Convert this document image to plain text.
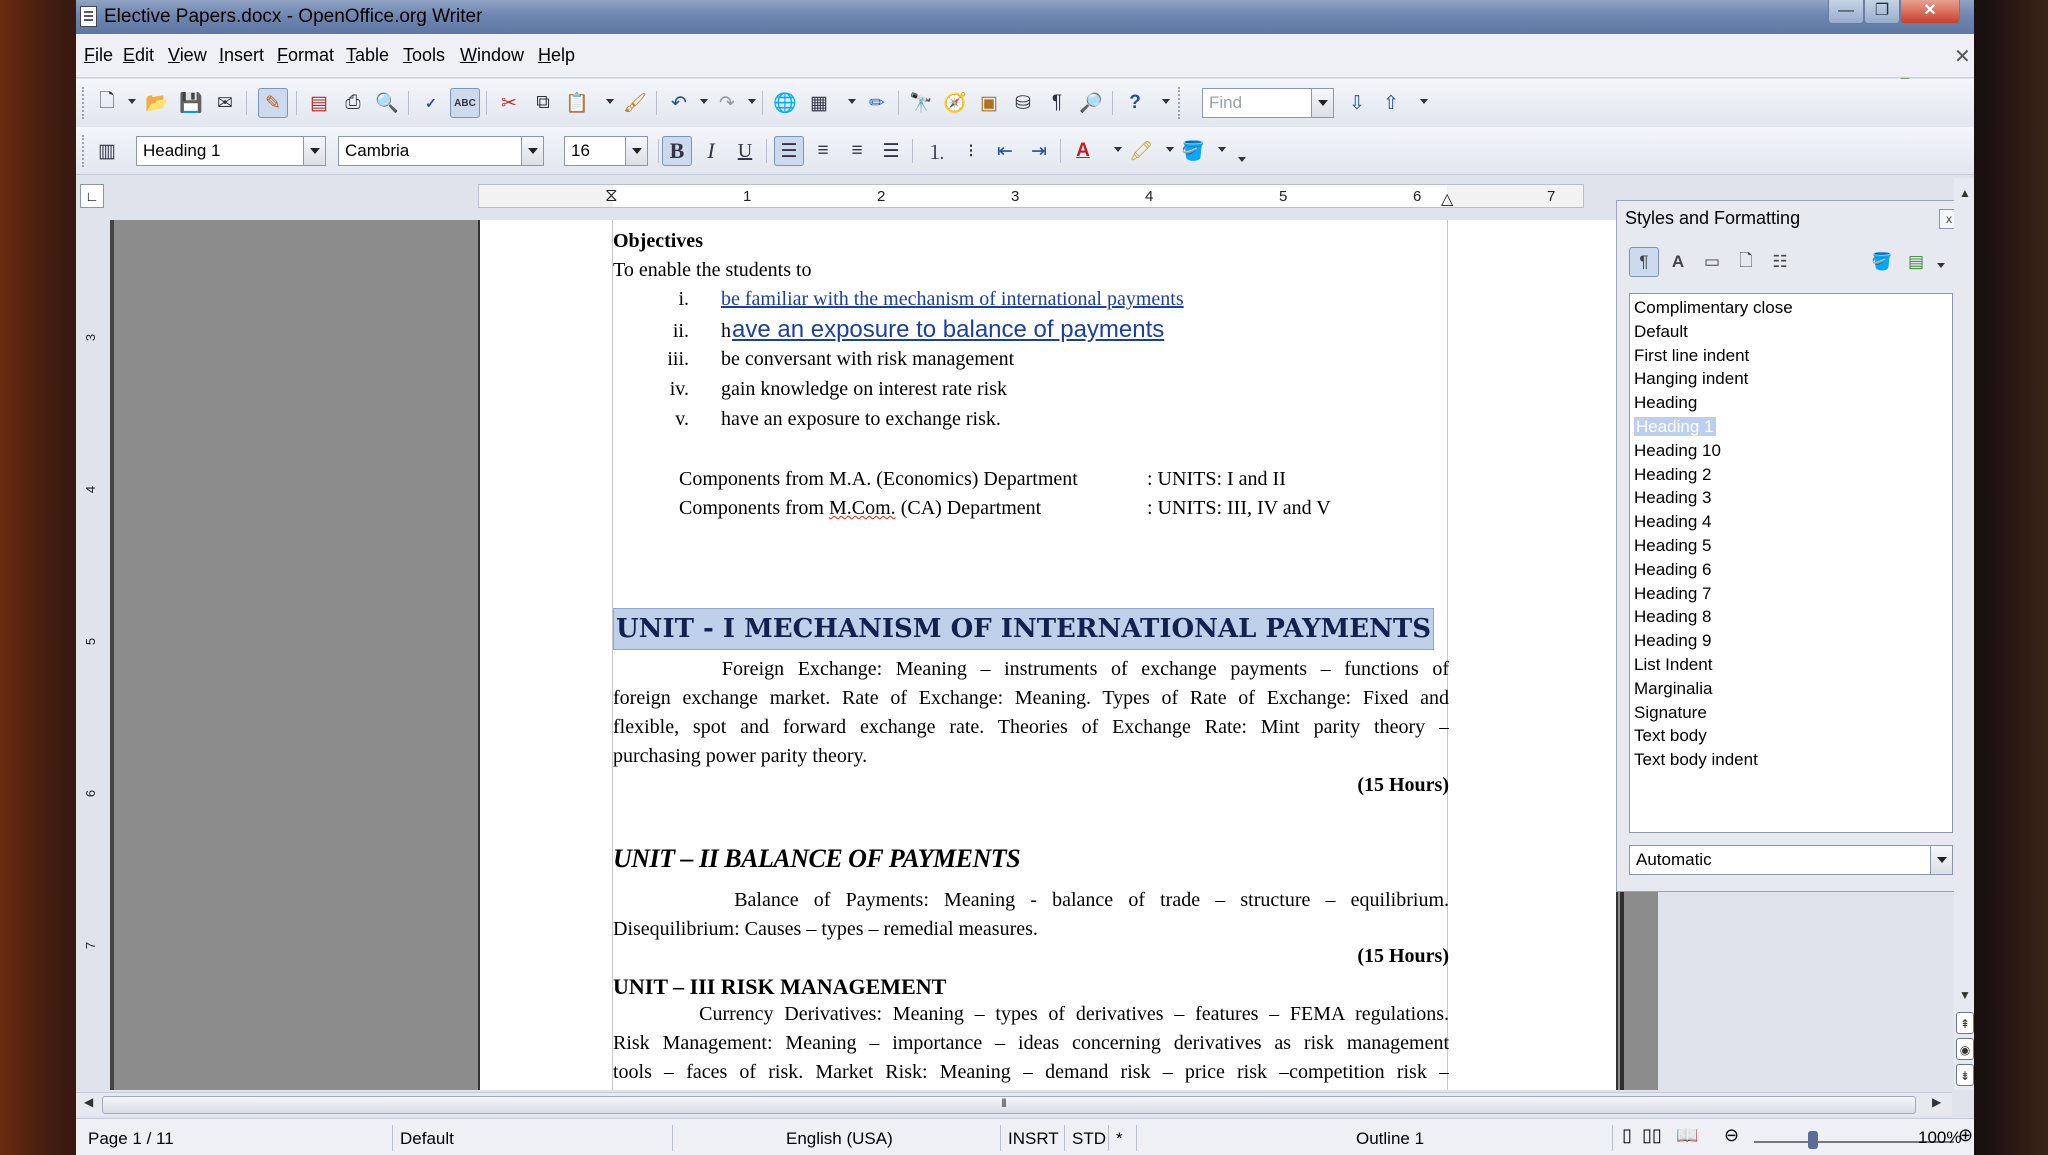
Elective Papers.docx - OpenOffice.org Writer	—	❐	✕
File Edit View Insert Format Table Tools Window Help	✕
🗋	📂 💾 ✉	✎	▤ ⎙ 🔍	✓	ABC	✂	⧉ 📋 🖌	↶	↷	🌐 ▦	✏	🔭 🧭 ▣ ⛁	¶ 🔎	?	Find	⇩ ⇧
▥	Heading 1	Cambria	16	B	I	U	☰	≡	≡	☰	⒈	⁝	⇤ ⇥	A	🖍 🪣
∟	1	2	3	4	5	6	7
⧖	△
3
4
5
6
7
Objectives
To enable the students to
i. be familiar with the mechanism of international payments
ii. h ave an exposure to balance of payments
iii. be conversant with risk management
iv. gain knowledge on interest rate risk
v. have an exposure to exchange risk.
Components from M.A. (Economics) Department	: UNITS: I and II
Components from M.Com. (CA) Department	: UNITS: III, IV and V
UNIT - I MECHANISM OF INTERNATIONAL PAYMENTS
Foreign Exchange: Meaning – instruments of exchange payments – functions of
foreign exchange market. Rate of Exchange: Meaning. Types of Rate of Exchange: Fixed and
flexible, spot and forward exchange rate. Theories of Exchange Rate: Mint parity theory –
purchasing power parity theory.
(15 Hours)
UNIT – II BALANCE OF PAYMENTS
Balance of Payments: Meaning - balance of trade – structure – equilibrium.
Disequilibrium: Causes – types – remedial measures.
(15 Hours)
UNIT – III RISK MANAGEMENT
Currency Derivatives: Meaning – types of derivatives – features – FEMA regulations.
Risk Management: Meaning – importance – ideas concerning derivatives as risk management
tools – faces of risk. Market Risk: Meaning – demand risk – price risk –competition risk –
Styles and Formatting	x
¶	A	▭	🗋	☷	🪣 ▤
Complimentary close
Default
First line indent
Hanging indent
Heading
Heading 1
Heading 10
Heading 2
Heading 3
Heading 4
Heading 5
Heading 6
Heading 7
Heading 8
Heading 9
List Indent
Marginalia
Signature
Text body
Text body indent
Automatic
▲
▼
⇞
◉
⇟
◀
III	▶
Page 1 / 11	Default	English (USA)	INSRT STD *	Outline 1	▯ ▯▯ 📖 ⊖	⊕
100%
